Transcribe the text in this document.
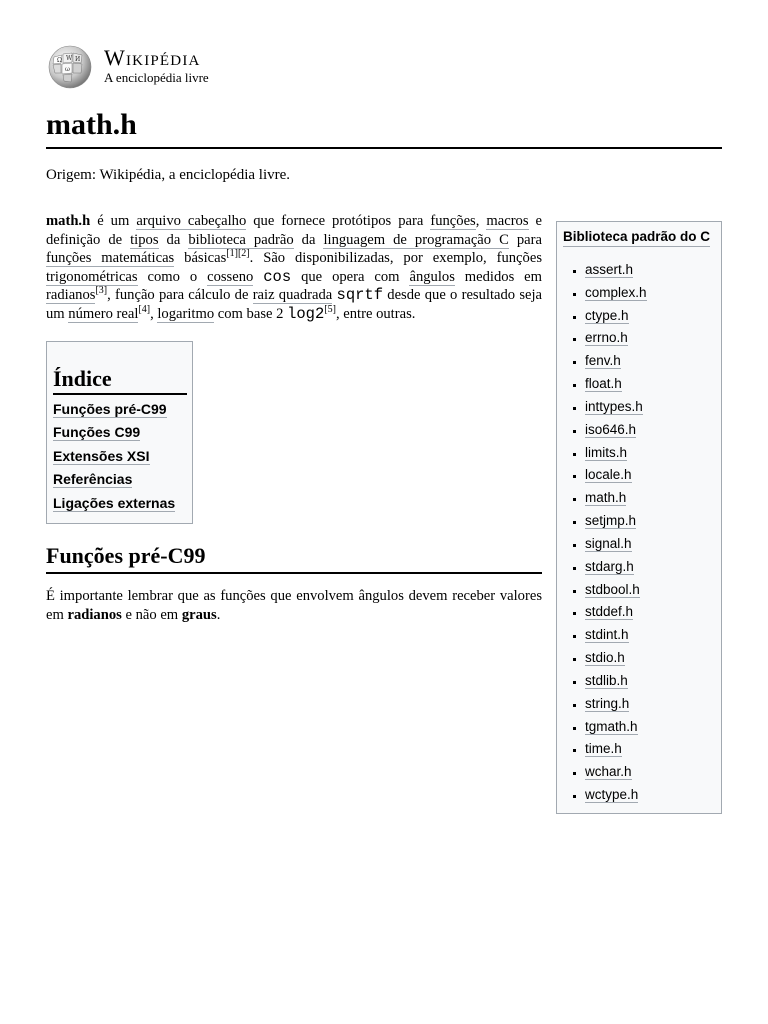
Ω W И
ω Wikipédia
A enciclopédia livre
math.h
Origem: Wikipédia, a enciclopédia livre.

math.h é um arquivo cabeçalho que fornece protótipos para funções, macros e definição de tipos da biblioteca padrão da linguagem de programação C para funções matemáticas básicas[1][2]. São disponibilizadas, por exemplo, funções trigonométricas como o cosseno cos que opera com ângulos medidos em radianos[3], função para cálculo de raiz quadrada sqrtf desde que o resultado seja um número real[4], logaritmo com base 2 log2[5], entre outras.

Índice
Funções pré-C99
Funções C99
Extensões XSI
Referências
Ligações externas
Funções pré-C99

É importante lembrar que as funções que envolvem ângulos devem receber valores em radianos e não em graus.

Biblioteca padrão do C
▪ assert.h
▪ complex.h
▪ ctype.h
▪ errno.h
▪ fenv.h
▪ float.h
▪ inttypes.h
▪ iso646.h
▪ limits.h
▪ locale.h
▪ math.h
▪ setjmp.h
▪ signal.h
▪ stdarg.h
▪ stdbool.h
▪ stddef.h
▪ stdint.h
▪ stdio.h
▪ stdlib.h
▪ string.h
▪ tgmath.h
▪ time.h
▪ wchar.h
▪ wctype.h
